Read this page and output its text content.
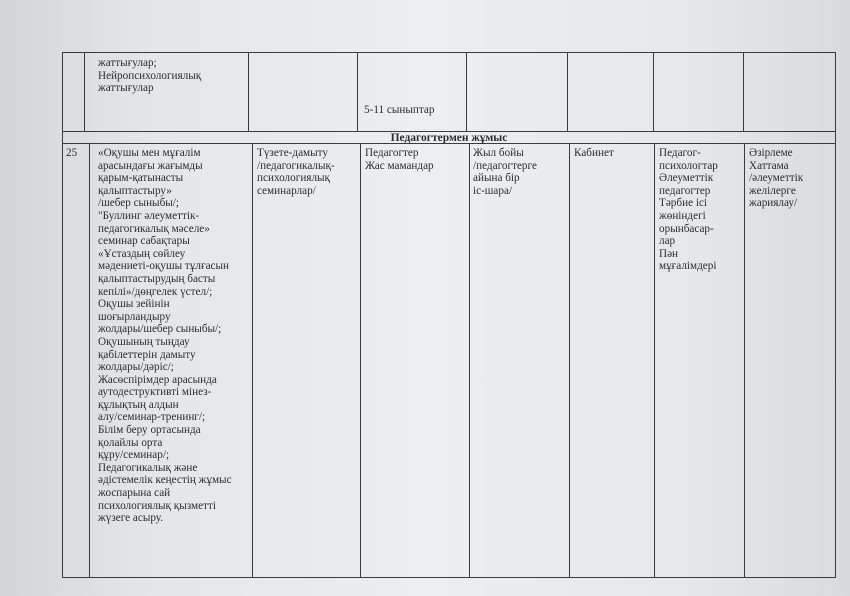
жаттығулар;
Нейропсихологиялық
жаттығулар
5-11 сыныптар
Педагогтермен жұмыс
25	«Оқушы мен мұғалім
арасындағы жағымды
қарым-қатынасты
қалыптастыру»
/шебер сыныбы/;
"Буллинг әлеуметтік-
педагогикалық мәселе»
семинар сабақтары
«Ұстаздың сөйлеу
мәдениеті-оқушы тұлғасын
қалыптастырудың басты
кепілі»/дөңгелек үстел/;
Оқушы зейінін
шоғырландыру
жолдары/шебер сыныбы/;
Оқушының тыңдау
қабілеттерін дамыту
жолдары/дәріс/;
Жасөспірімдер арасында
аутодеструктивті мінез-
құлықтың алдын
алу/семинар-тренинг/;
Білім беру ортасында
қолайлы орта
құру/семинар/;
Педагогикалық және
әдістемелік кеңестің жұмыс
жоспарына сай
психологиялық қызметті
жүзеге асыру.
Түзете-дамыту
/педагогикалық-
психологиялық
семинарлар/
Педагогтер
Жас мамандар
Жыл бойы
/педагогтерге
айына бір
іс-шара/
Кабинет	Педагог-
психологтар
Әлеуметтік
педагогтер
Тәрбие ісі
жөніндегі
орынбасар-
лар
Пән
мұғалімдері
Әзірлеме
Хаттама
/әлеуметтік
желілерге
жариялау/
